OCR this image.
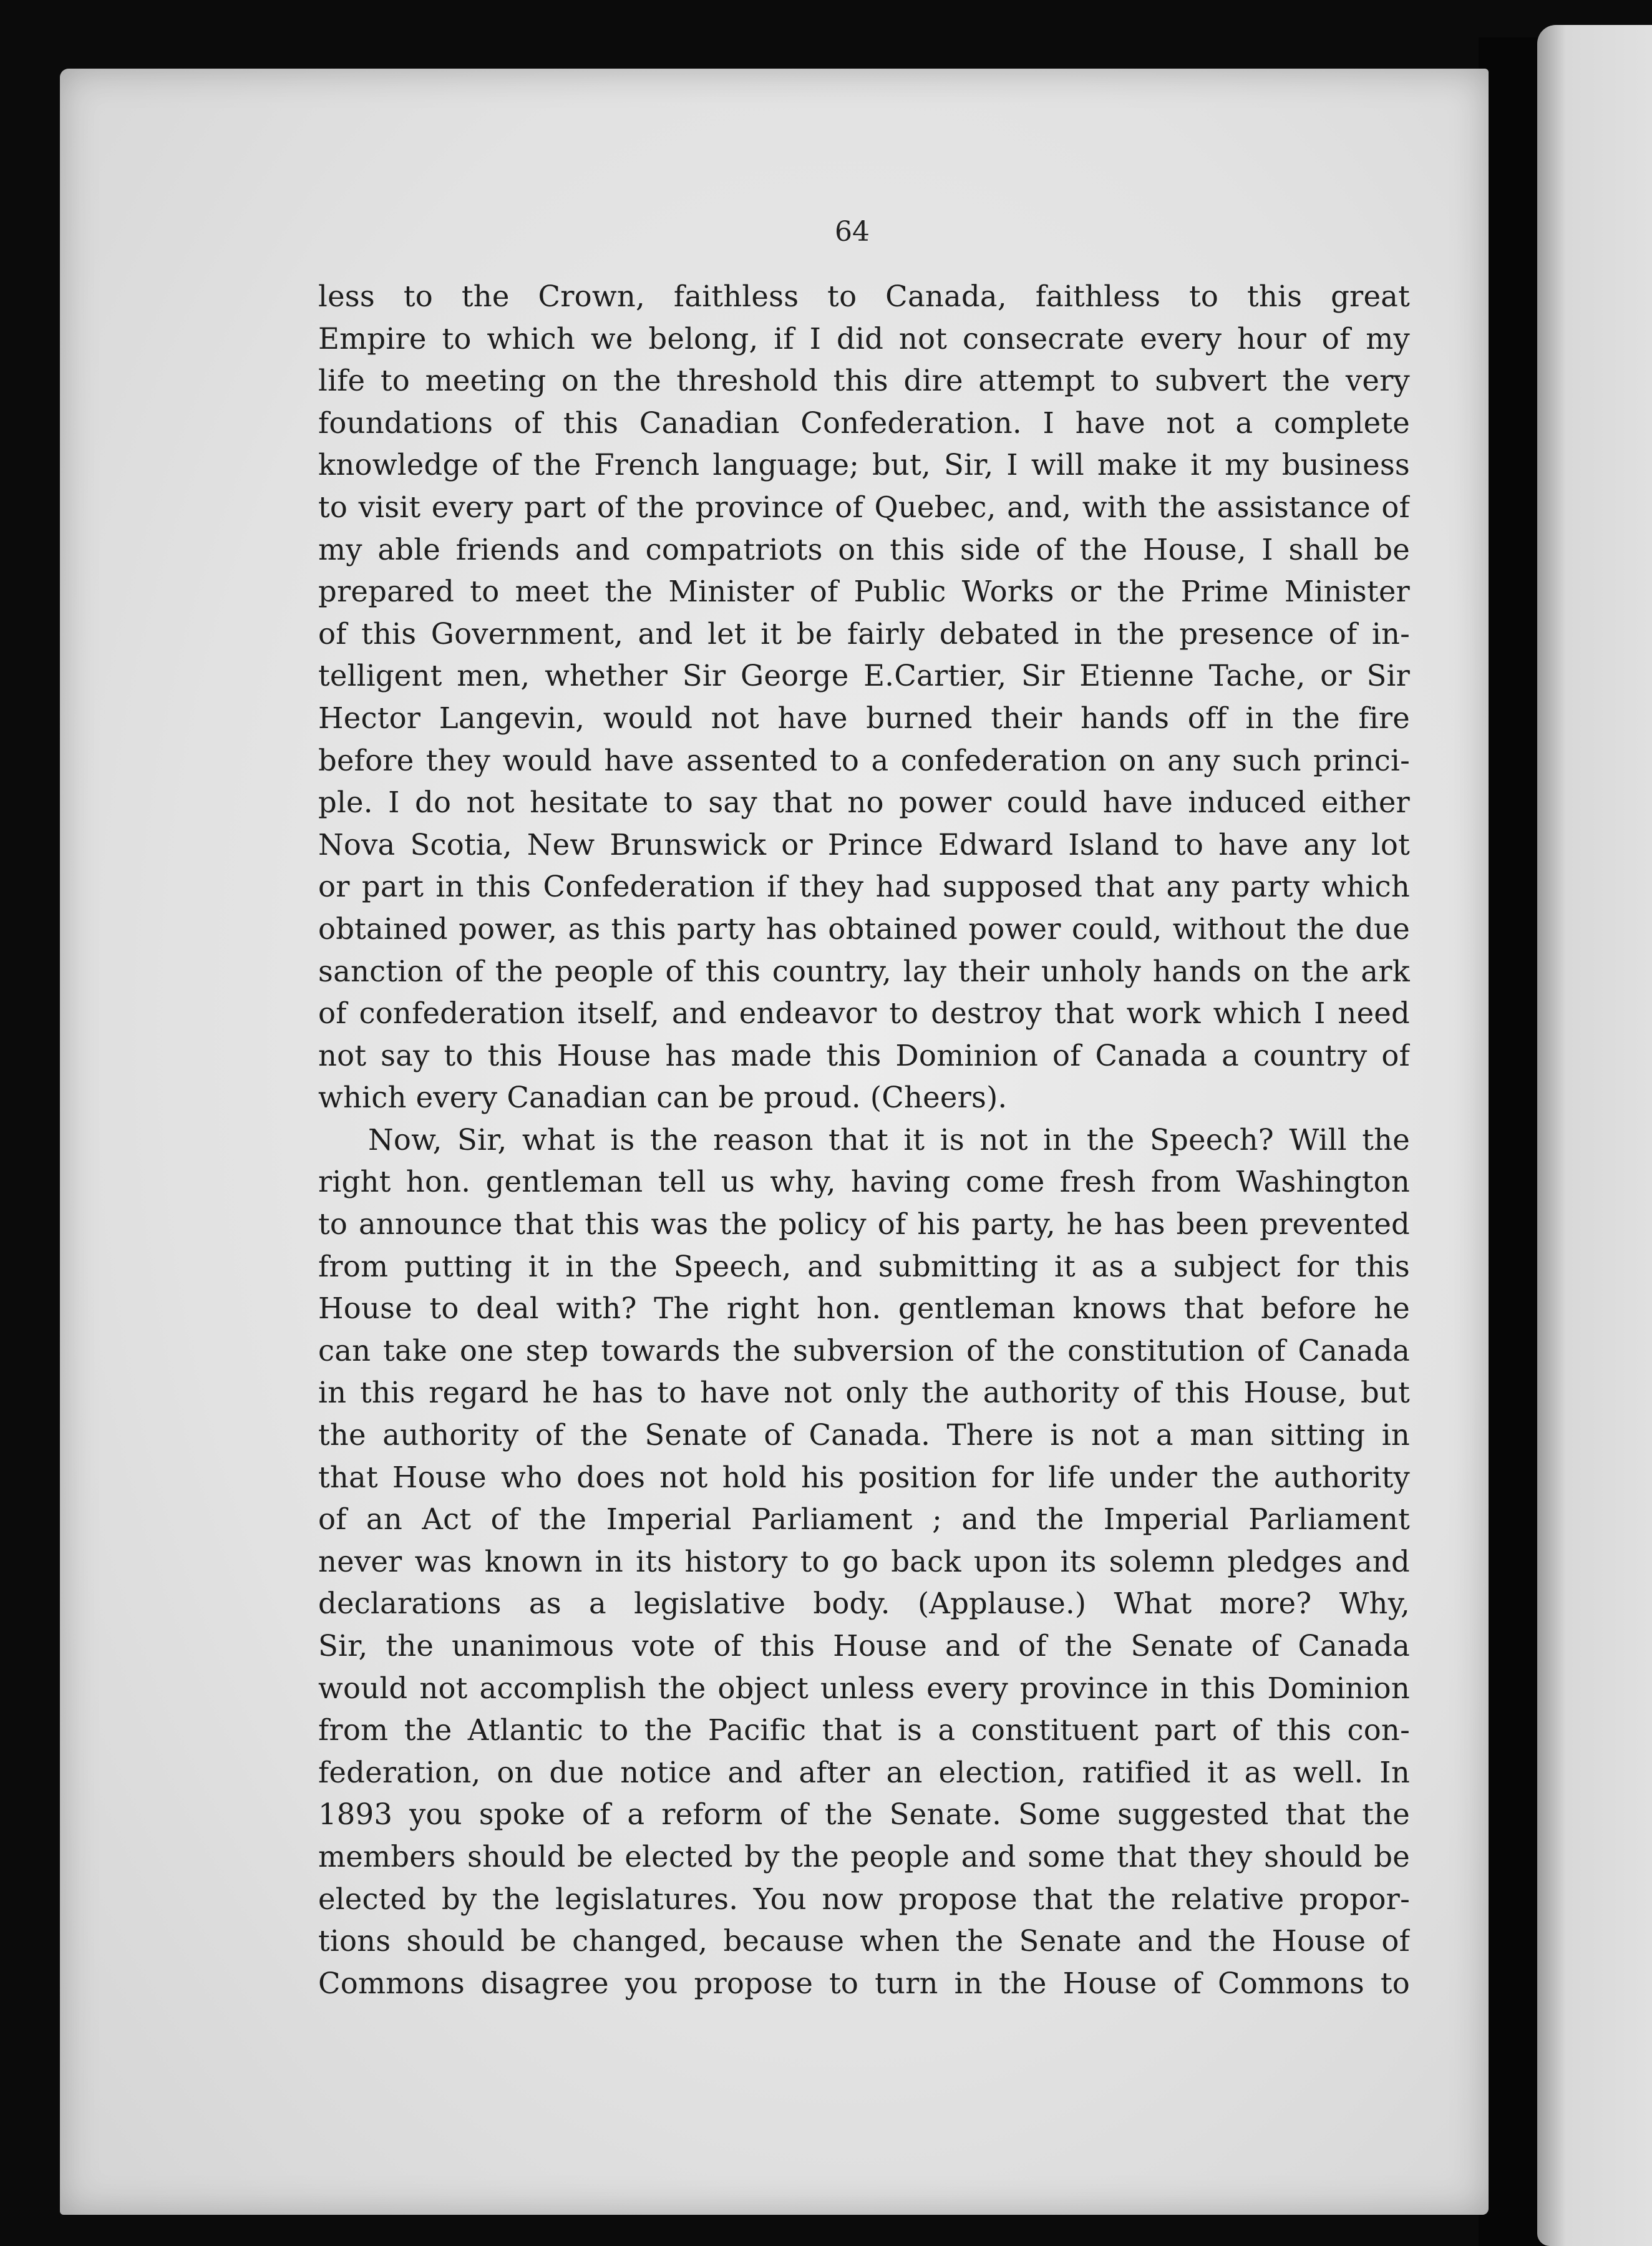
64
less to the Crown, faithless to Canada, faithless to this great
Empire to which we belong, if I did not consecrate every hour of my
life to meeting on the threshold this dire attempt to subvert the very
foundations of this Canadian Confederation. I have not a complete
knowledge of the French language; but, Sir, I will make it my business
to visit every part of the province of Quebec, and, with the assistance of
my able friends and compatriots on this side of the House, I shall be
prepared to meet the Minister of Public Works or the Prime Minister
of this Government, and let it be fairly debated in the presence of in-
telligent men, whether Sir George E.Cartier, Sir Etienne Tache, or Sir
Hector Langevin, would not have burned their hands off in the fire
before they would have assented to a confederation on any such princi-
ple. I do not hesitate to say that no power could have induced either
Nova Scotia, New Brunswick or Prince Edward Island to have any lot
or part in this Confederation if they had supposed that any party which
obtained power, as this party has obtained power could, without the due
sanction of the people of this country, lay their unholy hands on the ark
of confederation itself, and endeavor to destroy that work which I need
not say to this House has made this Dominion of Canada a country of
which every Canadian can be proud. (Cheers).
Now, Sir, what is the reason that it is not in the Speech? Will the
right hon. gentleman tell us why, having come fresh from Washington
to announce that this was the policy of his party, he has been prevented
from putting it in the Speech, and submitting it as a subject for this
House to deal with? The right hon. gentleman knows that before he
can take one step towards the subversion of the constitution of Canada
in this regard he has to have not only the authority of this House, but
the authority of the Senate of Canada. There is not a man sitting in
that House who does not hold his position for life under the authority
of an Act of the Imperial Parliament ; and the Imperial Parliament
never was known in its history to go back upon its solemn pledges and
declarations as a legislative body. (Applause.) What more? Why,
Sir, the unanimous vote of this House and of the Senate of Canada
would not accomplish the object unless every province in this Dominion
from the Atlantic to the Pacific that is a constituent part of this con-
federation, on due notice and after an election, ratified it as well. In
1893 you spoke of a reform of the Senate. Some suggested that the
members should be elected by the people and some that they should be
elected by the legislatures. You now propose that the relative propor-
tions should be changed, because when the Senate and the House of
Commons disagree you propose to turn in the House of Commons to
